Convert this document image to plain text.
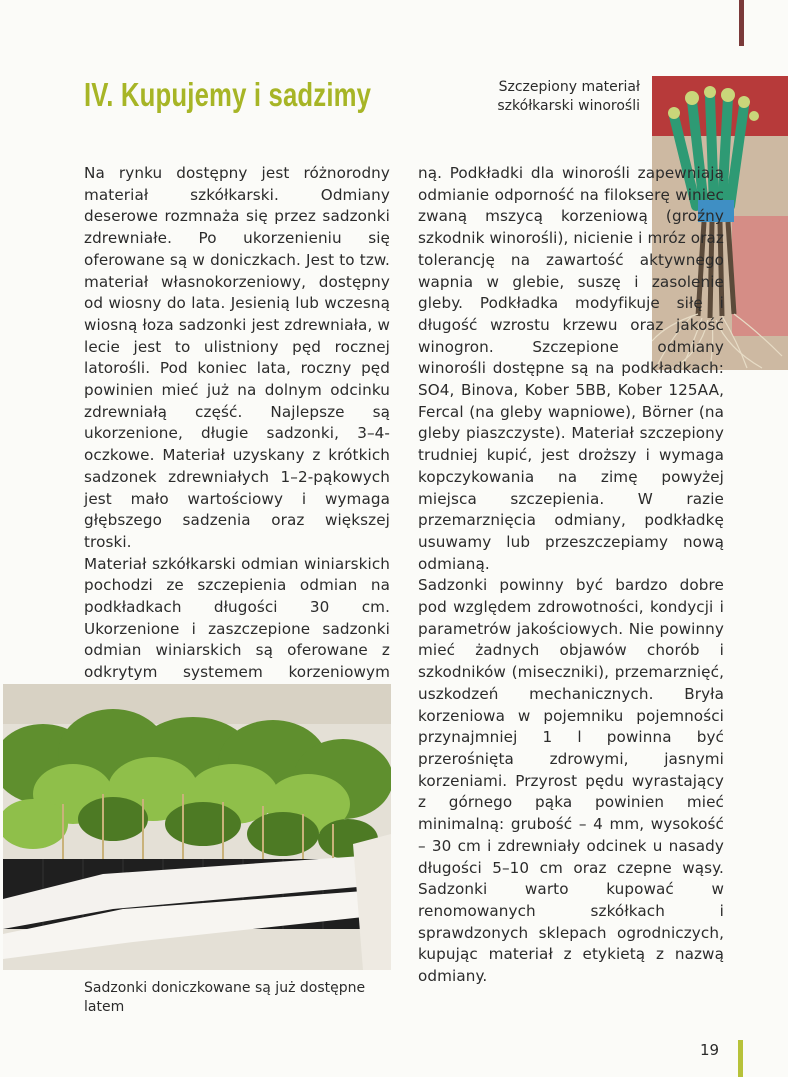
IV. Kupujemy i sadzimy	Szczepiony materiał szkółkarski winorośli

Na rynku dostępny jest różnorodny materiał szkółkarski. Odmiany deserowe rozmnaża się przez sadzonki zdrewniałe. Po ukorzenieniu się oferowane są w doniczkach. Jest to tzw. materiał własnokorzeniowy, dostępny od wiosny do lata. Jesienią lub wczesną wiosną łoza sadzonki jest zdrewniała, w lecie jest to ulistniony pęd rocznej latorośli. Pod koniec lata, roczny pęd powinien mieć już na dolnym odcinku zdrewniałą część. Najlepsze są ukorzenione, długie sadzonki, 3–4-oczkowe. Materiał uzyskany z krótkich sadzonek zdrewniałych 1–2-pąkowych jest mało wartościowy i wymaga głębszego sadzenia oraz większej troski.

Materiał szkółkarski odmian winiarskich pochodzi ze szczepienia odmian na podkładkach długości 30 cm. Ukorzenione i zaszczepione sadzonki odmian winiarskich są oferowane z odkrytym systemem korzeniowym

ną. Podkładki dla winorośli zapewniają odmianie odporność na filokserę winiec zwaną mszycą korzeniową (groźny szkodnik winorośli), nicienie i mróz oraz tolerancję na zawartość aktywnego wapnia w glebie, suszę i zasolenie gleby. Podkładka modyfikuje siłę i długość wzrostu krzewu oraz jakość winogron. Szczepione odmiany winorośli dostępne są na podkładkach: SO4, Binova, Kober 5BB, Kober 125AA, Fercal (na gleby wapniowe), Börner (na gleby piaszczyste). Materiał szczepiony trudniej kupić, jest droższy i wymaga kopczykowania na zimę powyżej miejsca szczepienia. W razie przemarznięcia odmiany, podkładkę usuwamy lub przeszczepiamy nową odmianą.

Sadzonki powinny być bardzo dobre pod względem zdrowotności, kondycji i parametrów jakościowych. Nie powinny mieć żadnych objawów chorób i szkodników (miseczniki), przemarznięć, uszkodzeń mechanicznych. Bryła korzeniowa w pojemniku pojemności przynajmniej 1 l powinna być przerośnięta zdrowymi, jasnymi korzeniami. Przyrost pędu wyrastający z górnego pąka powinien mieć minimalną: grubość – 4 mm, wysokość – 30 cm i zdrewniały odcinek u nasady długości 5–10 cm oraz czepne wąsy. Sadzonki warto kupować w renomowanych szkółkach i sprawdzonych sklepach ogrodniczych, kupując materiał z etykietą z nazwą odmiany.

Sadzonki doniczkowane są już dostępne latem
19
